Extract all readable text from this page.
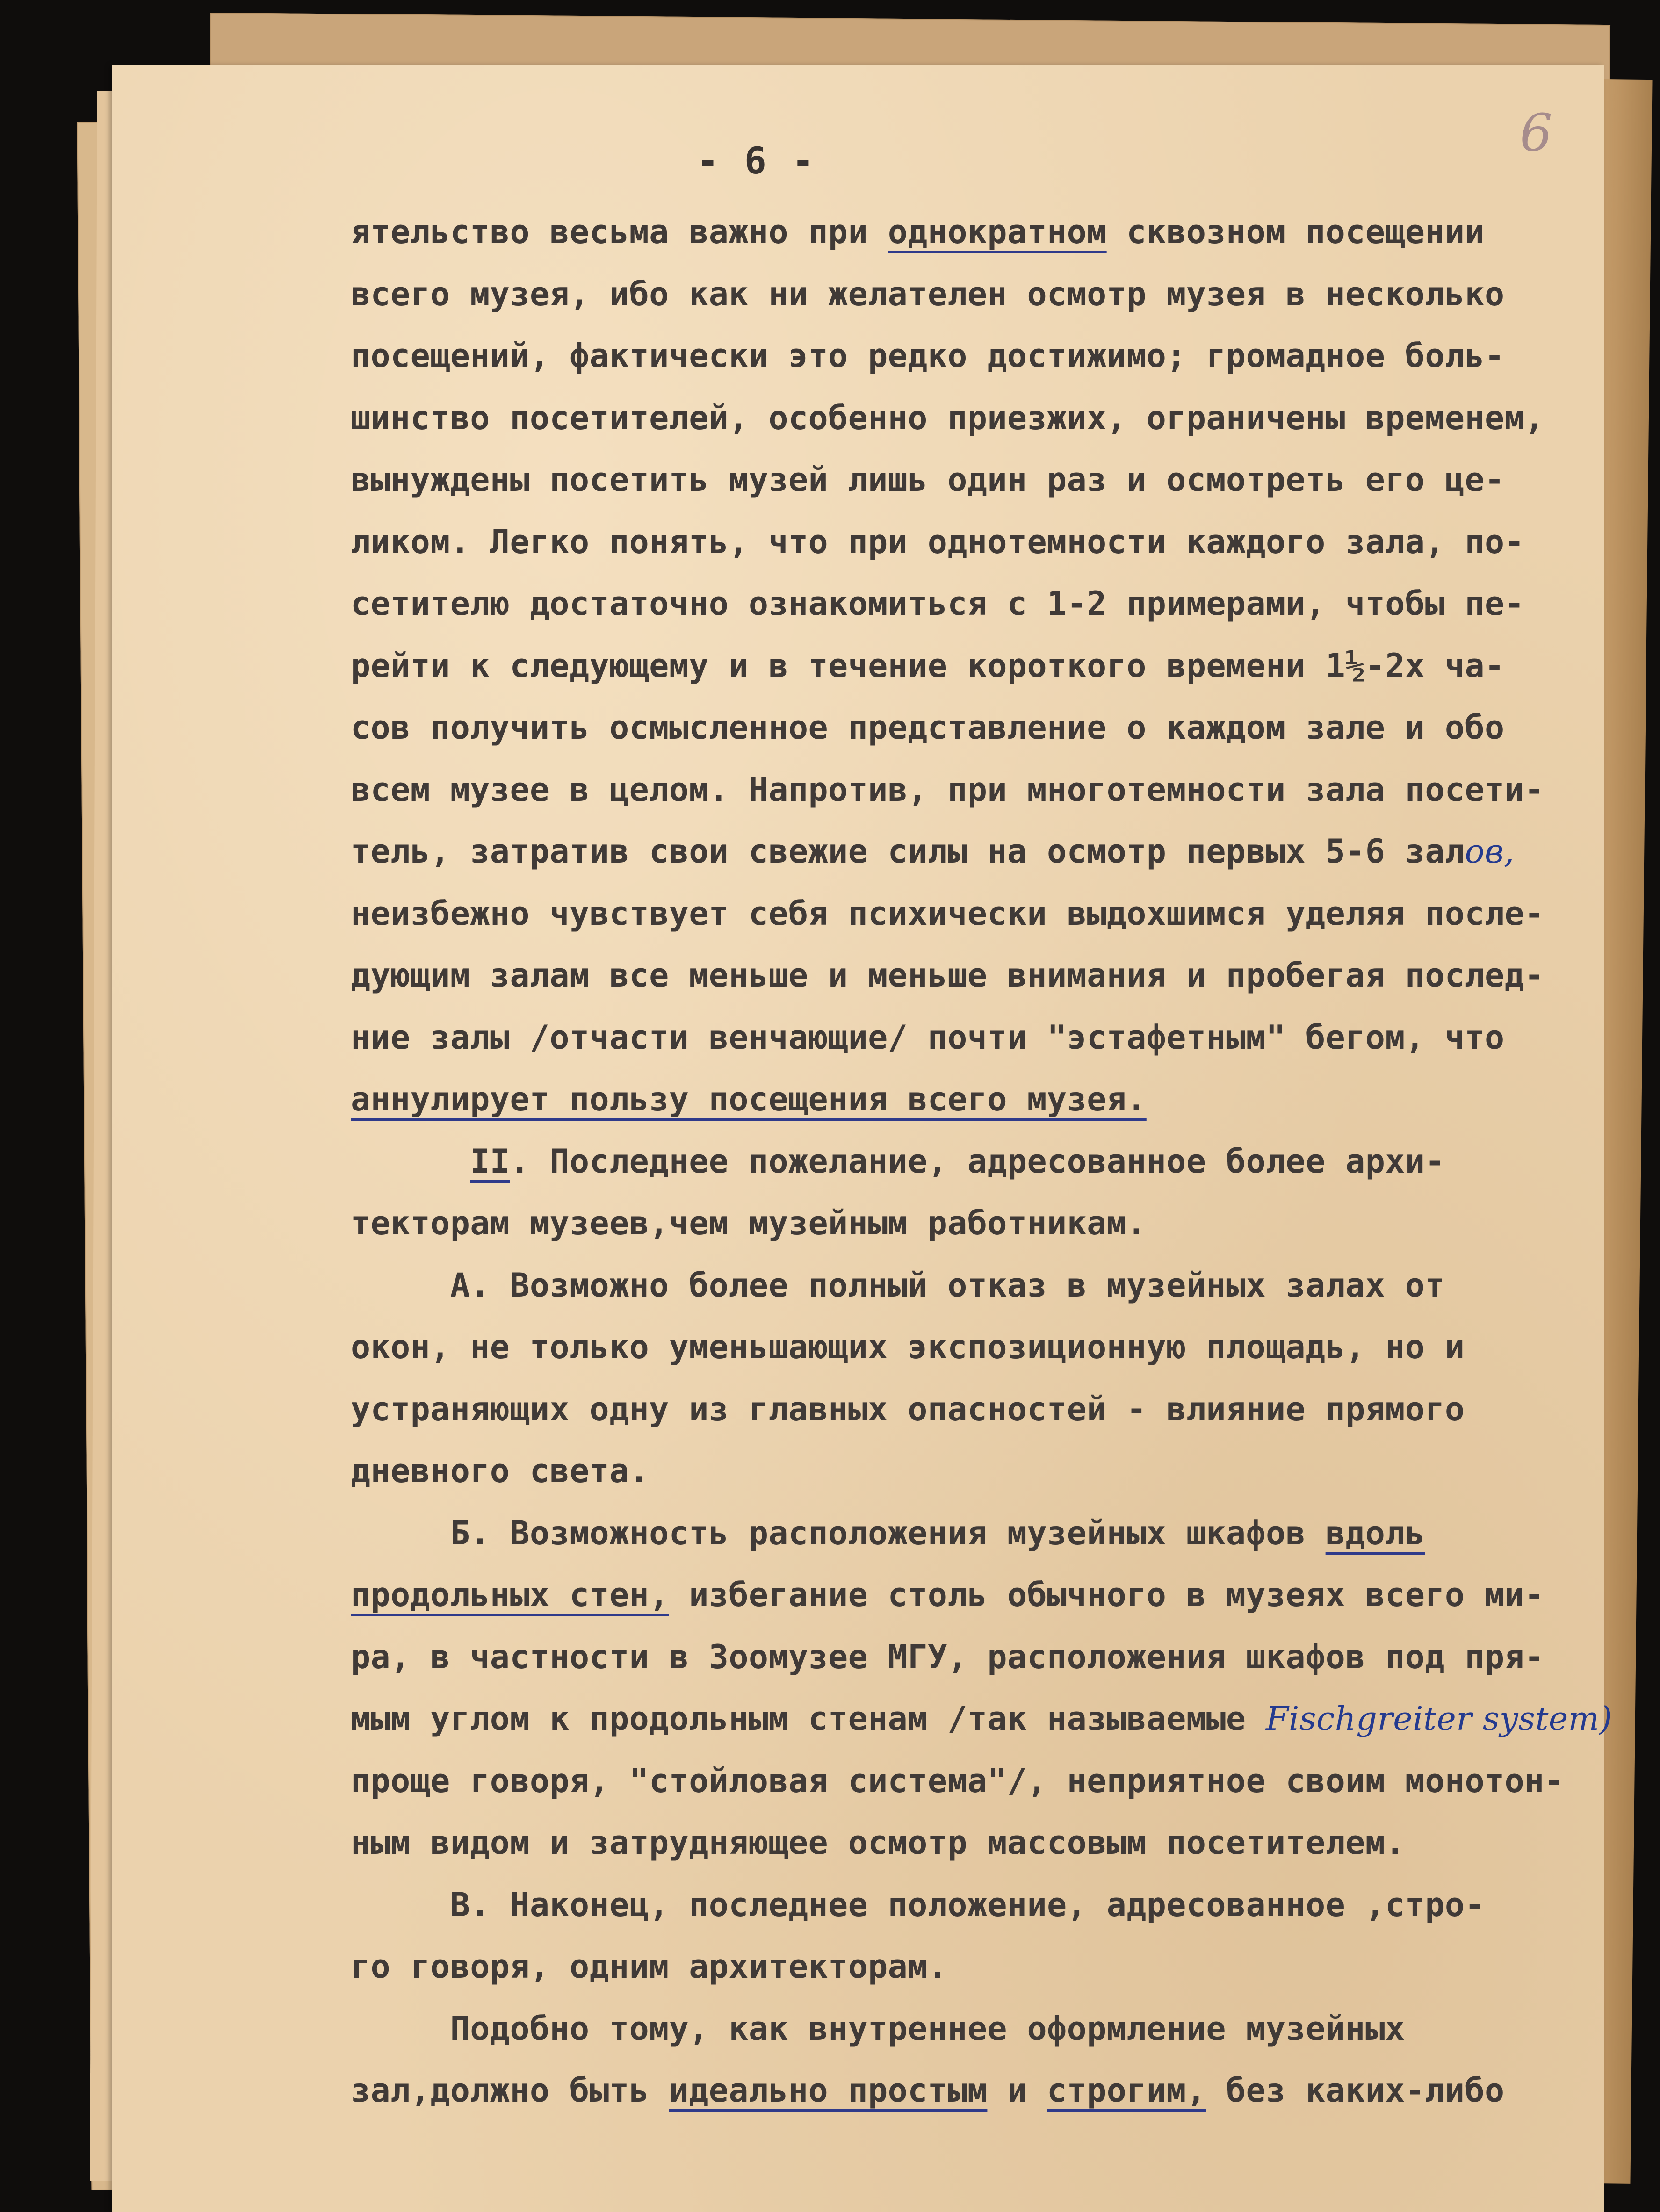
6
- 6 -
ятельство весьма важно при однократном сквозном посещении
всего музея, ибо как ни желателен осмотр музея в несколько
посещений, фактически это редко достижимо; громадное боль-
шинство посетителей, особенно приезжих, ограничены временем,
вынуждены посетить музей лишь один раз и осмотреть его це-
ликом. Легко понять, что при однотемности каждого зала, по-
сетителю достаточно ознакомиться с 1-2 примерами, чтобы пе-
рейти к следующему и в течение короткого времени 1½-2х ча-
сов получить осмысленное представление о каждом зале и обо
всем музее в целом. Напротив, при многотемности зала посети-
тель, затратив свои свежие силы на осмотр первых 5-6 залов,
неизбежно чувствует себя психически выдохшимся уделяя после-
дующим залам все меньше и меньше внимания и пробегая послед-
ние залы /отчасти венчающие/ почти "эстафетным" бегом, что
аннулирует пользу посещения всего музея.
II. Последнее пожелание, адресованное более архи-
текторам музеев,чем музейным работникам.
А. Возможно более полный отказ в музейных залах от
окон, не только уменьшающих экспозиционную площадь, но и
устраняющих одну из главных опасностей - влияние прямого
дневного света.
Б. Возможность расположения музейных шкафов вдоль
продольных стен, избегание столь обычного в музеях всего ми-
ра, в частности в Зоомузее МГУ, расположения шкафов под пря-
мым углом к продольным стенам /так называемые Fischgreiter system)
проще говоря, "стойловая система"/, неприятное своим монотон-
ным видом и затрудняющее осмотр массовым посетителем.
В. Наконец, последнее положение, адресованное ,стро-
го говоря, одним архитекторам.
Подобно тому, как внутреннее оформление музейных
зал,должно быть идеально простым и строгим, без каких-либо
